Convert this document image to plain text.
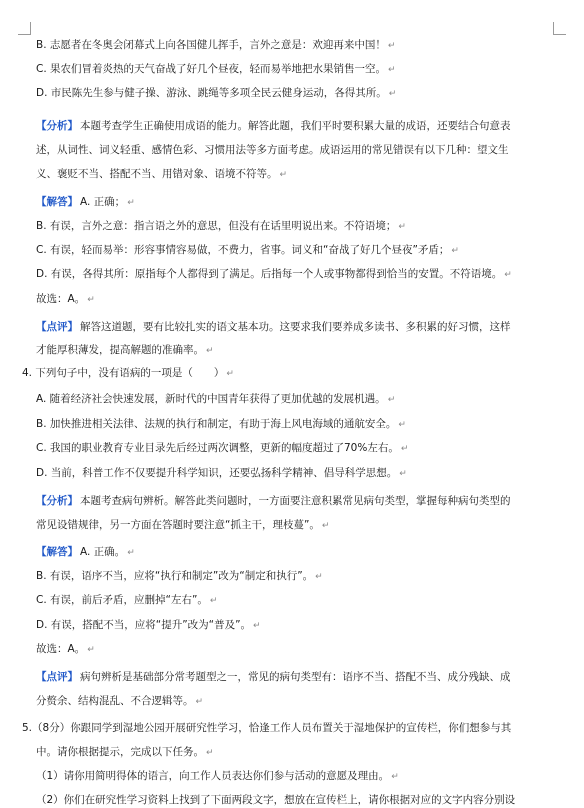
B. 志愿者在冬奥会闭幕式上向各国健儿挥手，言外之意是：欢迎再来中国！ ↵
C. 果农们冒着炎热的天气奋战了好几个昼夜，轻而易举地把水果销售一空。 ↵
D. 市民陈先生参与健子操、游泳、跳绳等多项全民云健身运动，各得其所。 ↵
【分析】 本题考查学生正确使用成语的能力。解答此题，我们平时要积累大量的成语，还要结合句意表
述，从词性、词义轻重、感情色彩、习惯用法等多方面考虑。成语运用的常见错误有以下几种：望文生
义、褒贬不当、搭配不当、用错对象、语境不符等。 ↵
【解答】 A. 正确； ↵
B. 有误，言外之意：指言语之外的意思，但没有在话里明说出来。不符语境； ↵
C. 有误，轻而易举：形容事情容易做，不费力，省事。词义和“奋战了好几个昼夜”矛盾； ↵
D. 有误，各得其所：原指每个人都得到了满足。后指每一个人或事物都得到恰当的安置。不符语境。 ↵
故选：A。 ↵
【点评】 解答这道题，要有比较扎实的语文基本功。这要求我们要养成多读书、多积累的好习惯，这样
才能厚积薄发，提高解题的准确率。 ↵
4. 下列句子中，没有语病的一项是（　　） ↵
A. 随着经济社会快速发展，新时代的中国青年获得了更加优越的发展机遇。 ↵
B. 加快推进相关法律、法规的执行和制定，有助于海上风电海域的通航安全。 ↵
C. 我国的职业教育专业目录先后经过两次调整，更新的幅度超过了70%左右。 ↵
D. 当前，科普工作不仅要提升科学知识，还要弘扬科学精神、倡导科学思想。 ↵
【分析】 本题考查病句辨析。解答此类问题时，一方面要注意积累常见病句类型，掌握每种病句类型的
常见设错规律，另一方面在答题时要注意“抓主干，理枝蔓”。 ↵
【解答】 A. 正确。 ↵
B. 有误，语序不当，应将“执行和制定”改为“制定和执行”。 ↵
C. 有误，前后矛盾，应删掉“左右”。 ↵
D. 有误，搭配不当，应将“提升”改为“普及”。 ↵
故选：A。 ↵
【点评】 病句辨析是基础部分常考题型之一，常见的病句类型有：语序不当、搭配不当、成分残缺、成
分赘余、结构混乱、不合逻辑等。 ↵
5.（8分）你跟同学到湿地公园开展研究性学习，恰逢工作人员布置关于湿地保护的宣传栏，你们想参与其
中。请你根据提示，完成以下任务。 ↵
（1）请你用简明得体的语言，向工作人员表达你们参与活动的意愿及理由。 ↵
（2）你们在研究性学习资料上找到了下面两段文字，想放在宣传栏上，请你根据对应的文字内容分别设
